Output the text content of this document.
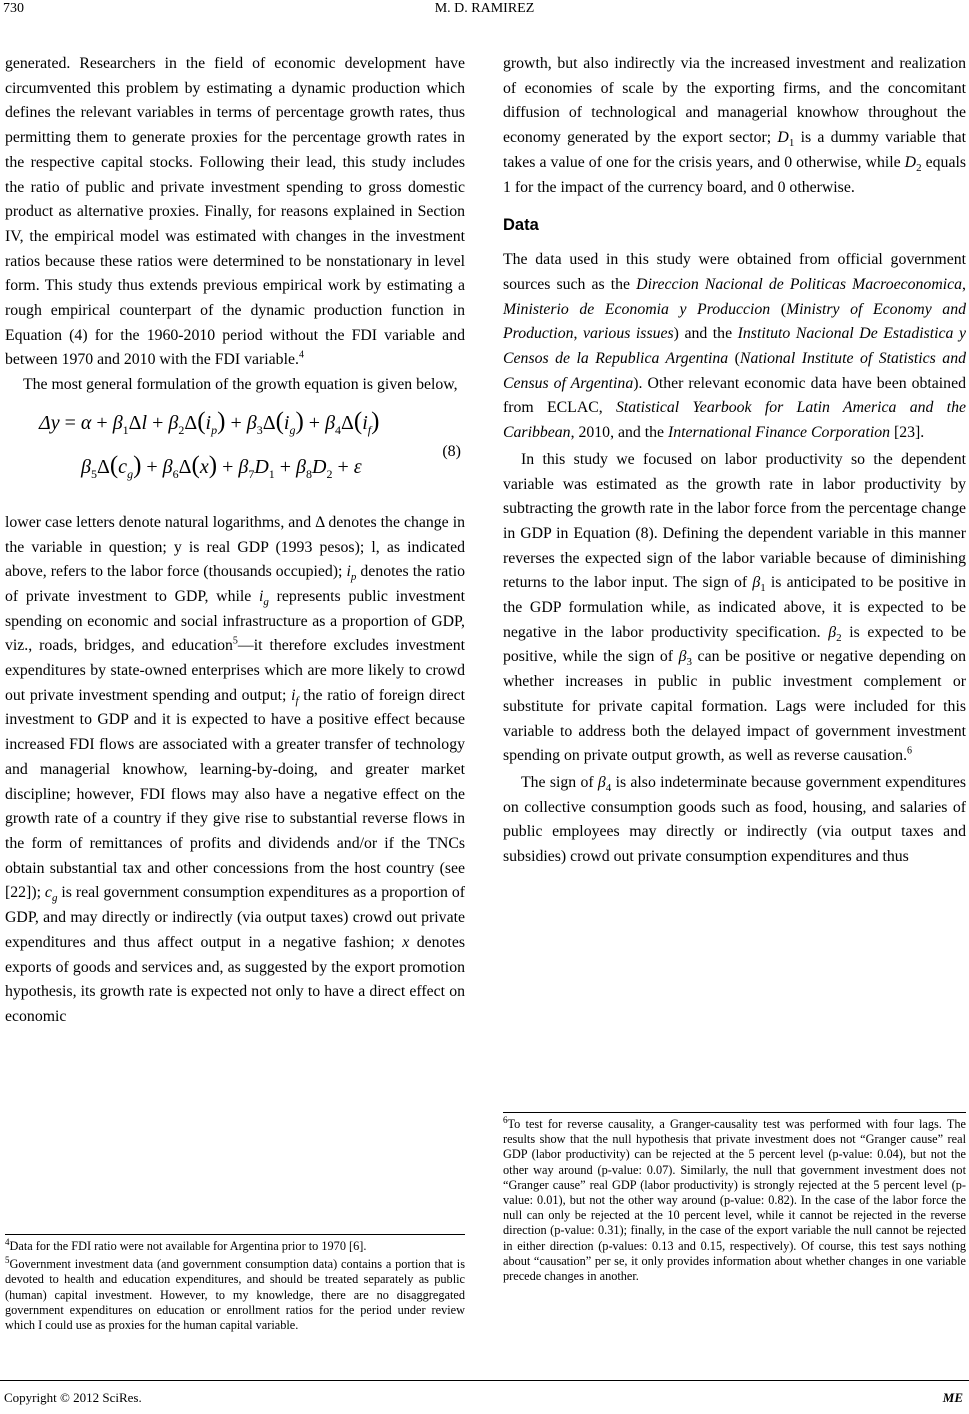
730	M. D. RAMIREZ

generated. Researchers in the field of economic development have circumvented this problem by estimating a dynamic production which defines the relevant variables in terms of percentage growth rates, thus permitting them to generate proxies for the percentage growth rates in the respective capital stocks. Following their lead, this study includes the ratio of public and private investment spending to gross domestic product as alternative proxies. Finally, for reasons explained in Section IV, the empirical model was estimated with changes in the investment ratios because these ratios were determined to be nonstationary in level form. This study thus extends previous empirical work by estimating a rough empirical counterpart of the dynamic production function in Equation (4) for the 1960-2010 period without the FDI variable and between 1970 and 2010 with the FDI variable.$^4$

The most general formulation of the growth equation is given below,

$\Delta y = \alpha + \beta_1\Delta l + \beta_2\Delta(i_p) + \beta_3\Delta(i_g) + \beta_4\Delta(i_f)$
$\beta_5\Delta(c_g) + \beta_6\Delta(x) + \beta_7D_1 + \beta_8D_2 + \varepsilon$
(8)

lower case letters denote natural logarithms, and Δ denotes the change in the variable in question; y is real GDP (1993 pesos); l, as indicated above, refers to the labor force (thousands occupied); $i_p$ denotes the ratio of private investment to GDP, while $i_g$ represents public investment spending on economic and social infrastructure as a proportion of GDP, viz., roads, bridges, and education$^5$—it therefore excludes investment expenditures by state-owned enterprises which are more likely to crowd out private investment spending and output; $i_f$ the ratio of foreign direct investment to GDP and it is expected to have a positive effect because increased FDI flows are associated with a greater transfer of technology and managerial knowhow, learning-by-doing, and greater market discipline; however, FDI flows may also have a negative effect on the growth rate of a country if they give rise to substantial reverse flows in the form of remittances of profits and dividends and/or if the TNCs obtain substantial tax and other concessions from the host country (see [22]); $c_g$ is real government consumption expenditures as a proportion of GDP, and may directly or indirectly (via output taxes) crowd out private expenditures and thus affect output in a negative fashion; x denotes exports of goods and services and, as suggested by the export promotion hypothesis, its growth rate is expected not only to have a direct effect on economic

$^4$Data for the FDI ratio were not available for Argentina prior to 1970 [6].

$^5$Government investment data (and government consumption data) contains a portion that is devoted to health and education expenditures, and should be treated separately as public (human) capital investment. However, to my knowledge, there are no disaggregated government expenditures on education or enrollment ratios for the period under review which I could use as proxies for the human capital variable.

growth, but also indirectly via the increased investment and realization of economies of scale by the exporting firms, and the concomitant diffusion of technological and managerial knowhow throughout the economy generated by the export sector; $D_1$ is a dummy variable that takes a value of one for the crisis years, and 0 otherwise, while $D_2$ equals 1 for the impact of the currency board, and 0 otherwise.

Data

The data used in this study were obtained from official government sources such as the Direccion Nacional de Politicas Macroeconomica, Ministerio de Economia y Produccion (Ministry of Economy and Production, various issues) and the Instituto Nacional De Estadistica y Censos de la Republica Argentina (National Institute of Statistics and Census of Argentina). Other relevant economic data have been obtained from ECLAC, Statistical Yearbook for Latin America and the Caribbean, 2010, and the International Finance Corporation [23].

In this study we focused on labor productivity so the dependent variable was estimated as the growth rate in labor productivity by subtracting the growth rate in the labor force from the percentage change in GDP in Equation (8). Defining the dependent variable in this manner reverses the expected sign of the labor variable because of diminishing returns to the labor input. The sign of $\beta_1$ is anticipated to be positive in the GDP formulation while, as indicated above, it is expected to be negative in the labor productivity specification. $\beta_2$ is expected to be positive, while the sign of $\beta_3$ can be positive or negative depending on whether increases in public in public investment complement or substitute for private capital formation. Lags were included for this variable to address both the delayed impact of government investment spending on private output growth, as well as reverse causation.$^6$

The sign of $\beta_4$ is also indeterminate because government expenditures on collective consumption goods such as food, housing, and salaries of public employees may directly or indirectly (via output taxes and subsidies) crowd out private consumption expenditures and thus

$^6$To test for reverse causality, a Granger-causality test was performed with four lags. The results show that the null hypothesis that private investment does not “Granger cause” real GDP (labor productivity) can be rejected at the 5 percent level (p-value: 0.04), but not the other way around (p-value: 0.07). Similarly, the null that government investment does not “Granger cause” real GDP (labor productivity) is strongly rejected at the 5 percent level (p-value: 0.01), but not the other way around (p-value: 0.82). In the case of the labor force the null can only be rejected at the 10 percent level, while it cannot be rejected in the reverse direction (p-value: 0.31); finally, in the case of the export variable the null cannot be rejected in either direction (p-values: 0.13 and 0.15, respectively). Of course, this test says nothing about “causation” per se, it only provides information about whether changes in one variable precede changes in another.

Copyright © 2012 SciRes.	ME
